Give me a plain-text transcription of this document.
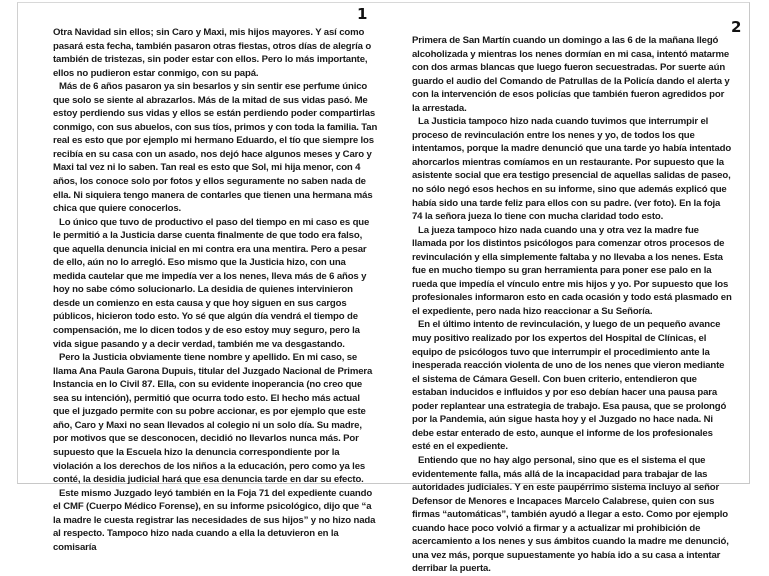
1
2

Otra Navidad sin ellos; sin Caro y Maxi, mis hijos mayores. Y así como pasará esta fecha, también pasaron otras fiestas, otros días de alegría o también de tristezas, sin poder estar con ellos. Pero lo más importante, ellos no pudieron estar conmigo, con su papá.

Más de 6 años pasaron ya sin besarlos y sin sentir ese perfume único que solo se siente al abrazarlos. Más de la mitad de sus vidas pasó. Me estoy perdiendo sus vidas y ellos se están perdiendo poder compartirlas conmigo, con sus abuelos, con sus tíos, primos y con toda la familia. Tan real es esto que por ejemplo mi hermano Eduardo, el tío que siempre los recibía en su casa con un asado, nos dejó hace algunos meses y Caro y Maxi tal vez ni lo saben. Tan real es esto que Sol, mi hija menor, con 4 años, los conoce solo por fotos y ellos seguramente no saben nada de ella. Ni siquiera tengo manera de contarles que tienen una hermana más chica que quiere conocerlos.

Lo único que tuvo de productivo el paso del tiempo en mi caso es que le permitió a la Justicia darse cuenta finalmente de que todo era falso, que aquella denuncia inicial en mi contra era una mentira. Pero a pesar de ello, aún no lo arregló. Eso mismo que la Justicia hizo, con una medida cautelar que me impedía ver a los nenes, lleva más de 6 años y hoy no sabe cómo solucionarlo. La desidia de quienes intervinieron desde un comienzo en esta causa y que hoy siguen en sus cargos públicos, hicieron todo esto. Yo sé que algún día vendrá el tiempo de compensación, me lo dicen todos y de eso estoy muy seguro, pero la vida sigue pasando y a decir verdad, también me va desgastando.

Pero la Justicia obviamente tiene nombre y apellido. En mi caso, se llama Ana Paula Garona Dupuis, titular del Juzgado Nacional de Primera Instancia en lo Civil 87. Ella, con su evidente inoperancia (no creo que sea su intención), permitió que ocurra todo esto. El hecho más actual que el juzgado permite con su pobre accionar, es por ejemplo que este año, Caro y Maxi no sean llevados al colegio ni un solo día. Su madre, por motivos que se desconocen, decidió no llevarlos nunca más. Por supuesto que la Escuela hizo la denuncia correspondiente por la violación a los derechos de los niños a la educación, pero como ya les conté, la desidia judicial hará que esa denuncia tarde en dar su efecto.

Este mismo Juzgado leyó también en la Foja 71 del expediente cuando el CMF (Cuerpo Médico Forense), en su informe psicológico, dijo que “a la madre le cuesta registrar las necesidades de sus hijos” y no hizo nada al respecto. Tampoco hizo nada cuando a ella la detuvieron en la comisaría

Primera de San Martín cuando un domingo a las 6 de la mañana llegó alcoholizada y mientras los nenes dormían en mi casa, intentó matarme con dos armas blancas que luego fueron secuestradas. Por suerte aún guardo el audio del Comando de Patrullas de la Policía dando el alerta y con la intervención de esos policías que también fueron agredidos por la arrestada.

La Justicia tampoco hizo nada cuando tuvimos que interrumpir el proceso de revinculación entre los nenes y yo, de todos los que intentamos, porque la madre denunció que una tarde yo había intentado ahorcarlos mientras comíamos en un restaurante. Por supuesto que la asistente social que era testigo presencial de aquellas salidas de paseo, no sólo negó esos hechos en su informe, sino que además explicó que había sido una tarde feliz para ellos con su padre. (ver foto). En la foja 74 la señora jueza lo tiene con mucha claridad todo esto.

La jueza tampoco hizo nada cuando una y otra vez la madre fue llamada por los distintos psicólogos para comenzar otros procesos de revinculación y ella simplemente faltaba y no llevaba a los nenes. Esta fue en mucho tiempo su gran herramienta para poner ese palo en la rueda que impedía el vínculo entre mis hijos y yo. Por supuesto que los profesionales informaron esto en cada ocasión y todo está plasmado en el expediente, pero nada hizo reaccionar a Su Señoría.

En el último intento de revinculación, y luego de un pequeño avance muy positivo realizado por los expertos del Hospital de Clínicas, el equipo de psicólogos tuvo que interrumpir el procedimiento ante la inesperada reacción violenta de uno de los nenes que vieron mediante el sistema de Cámara Gesell. Con buen criterio, entendieron que estaban inducidos e influidos y por eso debían hacer una pausa para poder replantear una estrategia de trabajo. Esa pausa, que se prolongó por la Pandemia, aún sigue hasta hoy y el Juzgado no hace nada. Ni debe estar enterado de esto, aunque el informe de los profesionales esté en el expediente.

Entiendo que no hay algo personal, sino que es el sistema el que evidentemente falla, más allá de la incapacidad para trabajar de las autoridades judiciales. Y en este paupérrimo sistema incluyo al señor Defensor de Menores e Incapaces Marcelo Calabrese, quien con sus firmas “automáticas”, también ayudó a llegar a esto. Como por ejemplo cuando hace poco volvió a firmar y a actualizar mi prohibición de acercamiento a los nenes y sus ámbitos cuando la madre me denunció, una vez más, porque supuestamente yo había ido a su casa a intentar derribar la puerta.
